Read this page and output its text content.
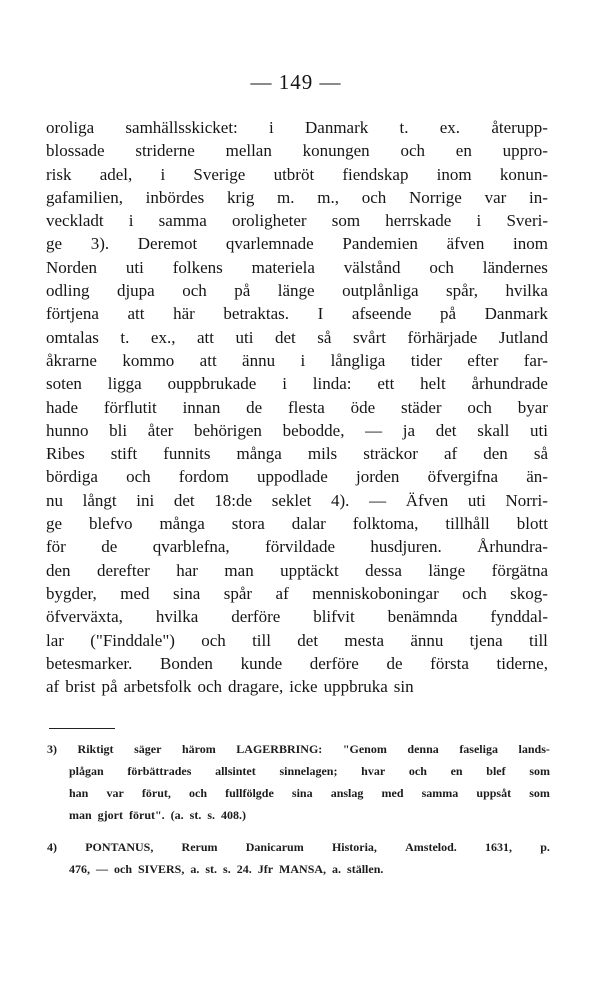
— 149 —
oroliga samhällsskicket: i Danmark t. ex. återupp-
blossade striderne mellan konungen och en uppro-
risk adel, i Sverige utbröt fiendskap inom konun-
gafamilien, inbördes krig m. m., och Norrige var in-
veckladt i samma oroligheter som herrskade i Sveri-
ge 3). Deremot qvarlemnade Pandemien äfven inom
Norden uti folkens materiela välstånd och ländernes
odling djupa och på länge outplånliga spår, hvilka
förtjena att här betraktas. I afseende på Danmark
omtalas t. ex., att uti det så svårt förhärjade Jutland
åkrarne kommo att ännu i långliga tider efter far-
soten ligga ouppbrukade i linda: ett helt århundrade
hade förflutit innan de flesta öde städer och byar
hunno bli åter behörigen bebodde, — ja det skall uti
Ribes stift funnits många mils sträckor af den så
bördiga och fordom uppodlade jorden öfvergifna än-
nu långt ini det 18:de seklet 4). — Äfven uti Norri-
ge blefvo många stora dalar folktoma, tillhåll blott
för de qvarblefna, förvildade husdjuren. Århundra-
den derefter har man upptäckt dessa länge förgätna
bygder, med sina spår af menniskoboningar och skog-
öfverväxta, hvilka derföre blifvit benämnda fynddal-
lar ("Finddale") och till det mesta ännu tjena till
betesmarker. Bonden kunde derföre de första tiderne,
af brist på arbetsfolk och dragare, icke uppbruka sin
3) Riktigt säger härom LAGERBRING: "Genom denna faseliga lands-
plågan förbättrades allsintet sinnelagen; hvar och en blef som
han var förut, och fullfölgde sina anslag med samma uppsåt som
man gjort förut". (a. st. s. 408.)
4) PONTANUS, Rerum Danicarum Historia, Amstelod. 1631, p.
476, — och SIVERS, a. st. s. 24. Jfr MANSA, a. ställen.
